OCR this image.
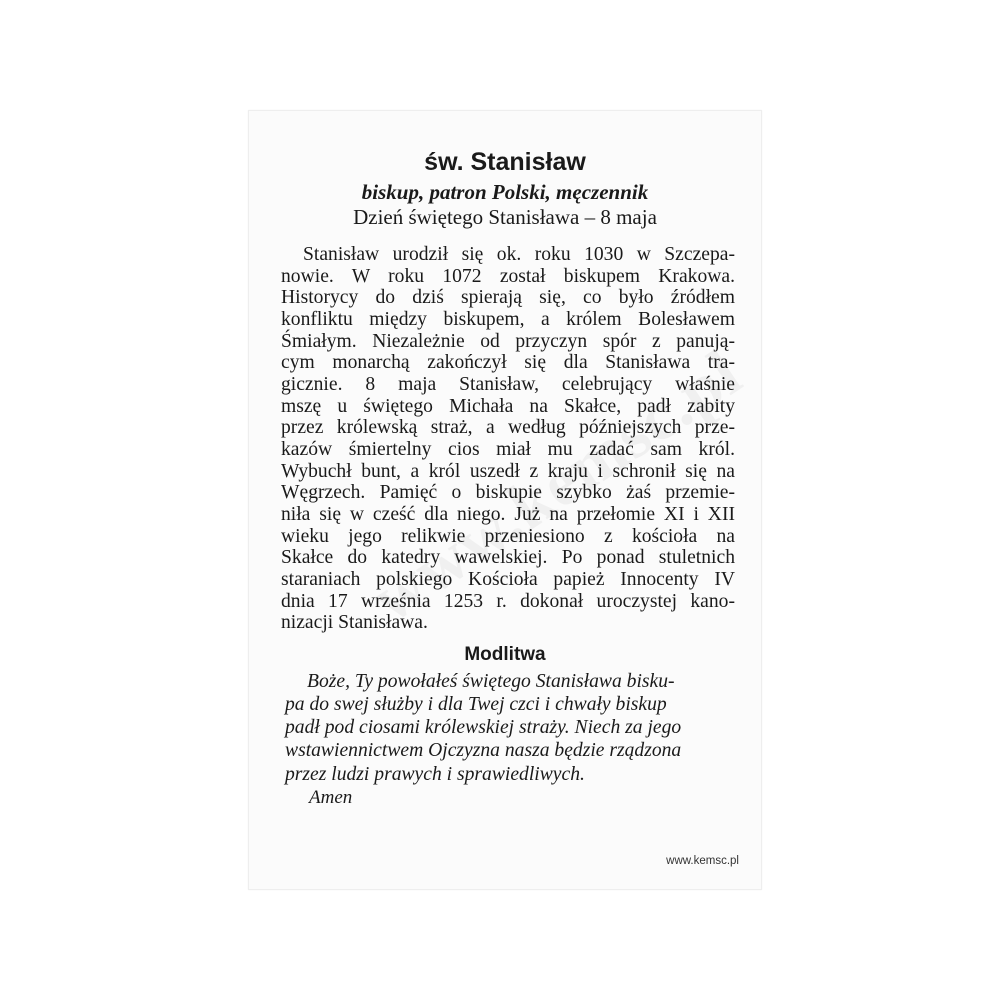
św. Stanisław

biskup, patron Polski, męczennik

Dzień świętego Stanisława – 8 maja

Stanisław urodził się ok. roku 1030 w Szczepa-
nowie. W roku 1072 został biskupem Krakowa.
Historycy do dziś spierają się, co było źródłem
konfliktu między biskupem, a królem Bolesławem
Śmiałym. Niezależnie od przyczyn spór z panują-
cym monarchą zakończył się dla Stanisława tra-
gicznie. 8 maja Stanisław, celebrujący właśnie
mszę u świętego Michała na Skałce, padł zabity
przez królewską straż, a według późniejszych prze-
kazów śmiertelny cios miał mu zadać sam król.
Wybuchł bunt, a król uszedł z kraju i schronił się na
Węgrzech. Pamięć o biskupie szybko żaś przemie-
niła się w cześć dla niego. Już na przełomie XI i XII
wieku jego relikwie przeniesiono z kościoła na
Skałce do katedry wawelskiej. Po ponad stuletnich
staraniach polskiego Kościoła papież Innocenty IV
dnia 17 września 1253 r. dokonał uroczystej kano-
nizacji Stanisława.
Modlitwa
Boże, Ty powołałeś świętego Stanisława bisku-
pa do swej służby i dla Twej czci i chwały biskup
padł pod ciosami królewskiej straży. Niech za jego
wstawiennictwem Ojczyzna nasza będzie rządzona
przez ludzi prawych i sprawiedliwych.
Amen
www.kemsc.pl
